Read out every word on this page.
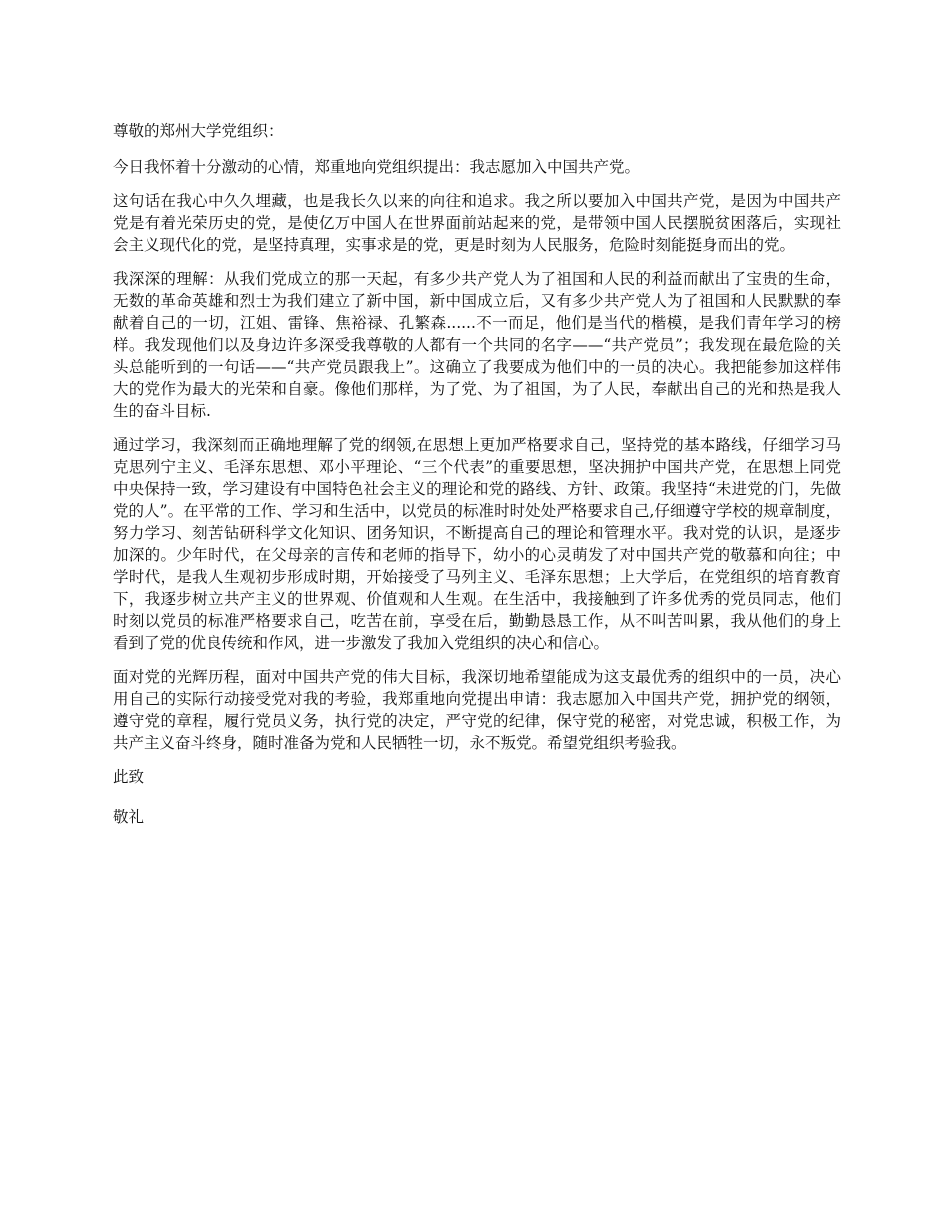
尊敬的郑州大学党组织：

今日我怀着十分激动的心情，郑重地向党组织提出：我志愿加入中国共产党。

这句话在我心中久久埋藏，也是我长久以来的向往和追求。我之所以要加入中国共产党，是因为中国共产党是有着光荣历史的党，是使亿万中国人在世界面前站起来的党，是带领中国人民摆脱贫困落后，实现社会主义现代化的党，是坚持真理，实事求是的党，更是时刻为人民服务，危险时刻能挺身而出的党。

我深深的理解：从我们党成立的那一天起，有多少共产党人为了祖国和人民的利益而献出了宝贵的生命，无数的革命英雄和烈士为我们建立了新中国，新中国成立后，又有多少共产党人为了祖国和人民默默的奉献着自己的一切，江姐、雷锋、焦裕禄、孔繁森......不一而足，他们是当代的楷模，是我们青年学习的榜样。我发现他们以及身边许多深受我尊敬的人都有一个共同的名字——“共产党员”；我发现在最危险的关头总能听到的一句话——“共产党员跟我上”。这确立了我要成为他们中的一员的决心。我把能参加这样伟大的党作为最大的光荣和自豪。像他们那样，为了党、为了祖国，为了人民，奉献出自己的光和热是我人生的奋斗目标.

通过学习，我深刻而正确地理解了党的纲领,在思想上更加严格要求自己，坚持党的基本路线，仔细学习马克思列宁主义、毛泽东思想、邓小平理论、“三个代表”的重要思想，坚决拥护中国共产党，在思想上同党中央保持一致，学习建设有中国特色社会主义的理论和党的路线、方针、政策。我坚持“未进党的门，先做党的人”。在平常的工作、学习和生活中，以党员的标准时时处处严格要求自己,仔细遵守学校的规章制度，努力学习、刻苦钻研科学文化知识、团务知识，不断提高自己的理论和管理水平。我对党的认识，是逐步加深的。少年时代，在父母亲的言传和老师的指导下，幼小的心灵萌发了对中国共产党的敬慕和向往；中学时代，是我人生观初步形成时期，开始接受了马列主义、毛泽东思想；上大学后，在党组织的培育教育下，我逐步树立共产主义的世界观、价值观和人生观。在生活中，我接触到了许多优秀的党员同志，他们时刻以党员的标准严格要求自己，吃苦在前，享受在后，勤勤恳恳工作，从不叫苦叫累，我从他们的身上看到了党的优良传统和作风，进一步激发了我加入党组织的决心和信心。

面对党的光辉历程，面对中国共产党的伟大目标，我深切地希望能成为这支最优秀的组织中的一员，决心用自己的实际行动接受党对我的考验，我郑重地向党提出申请：我志愿加入中国共产党，拥护党的纲领，遵守党的章程，履行党员义务，执行党的决定，严守党的纪律，保守党的秘密，对党忠诚，积极工作，为共产主义奋斗终身，随时准备为党和人民牺牲一切，永不叛党。希望党组织考验我。

此致

敬礼
